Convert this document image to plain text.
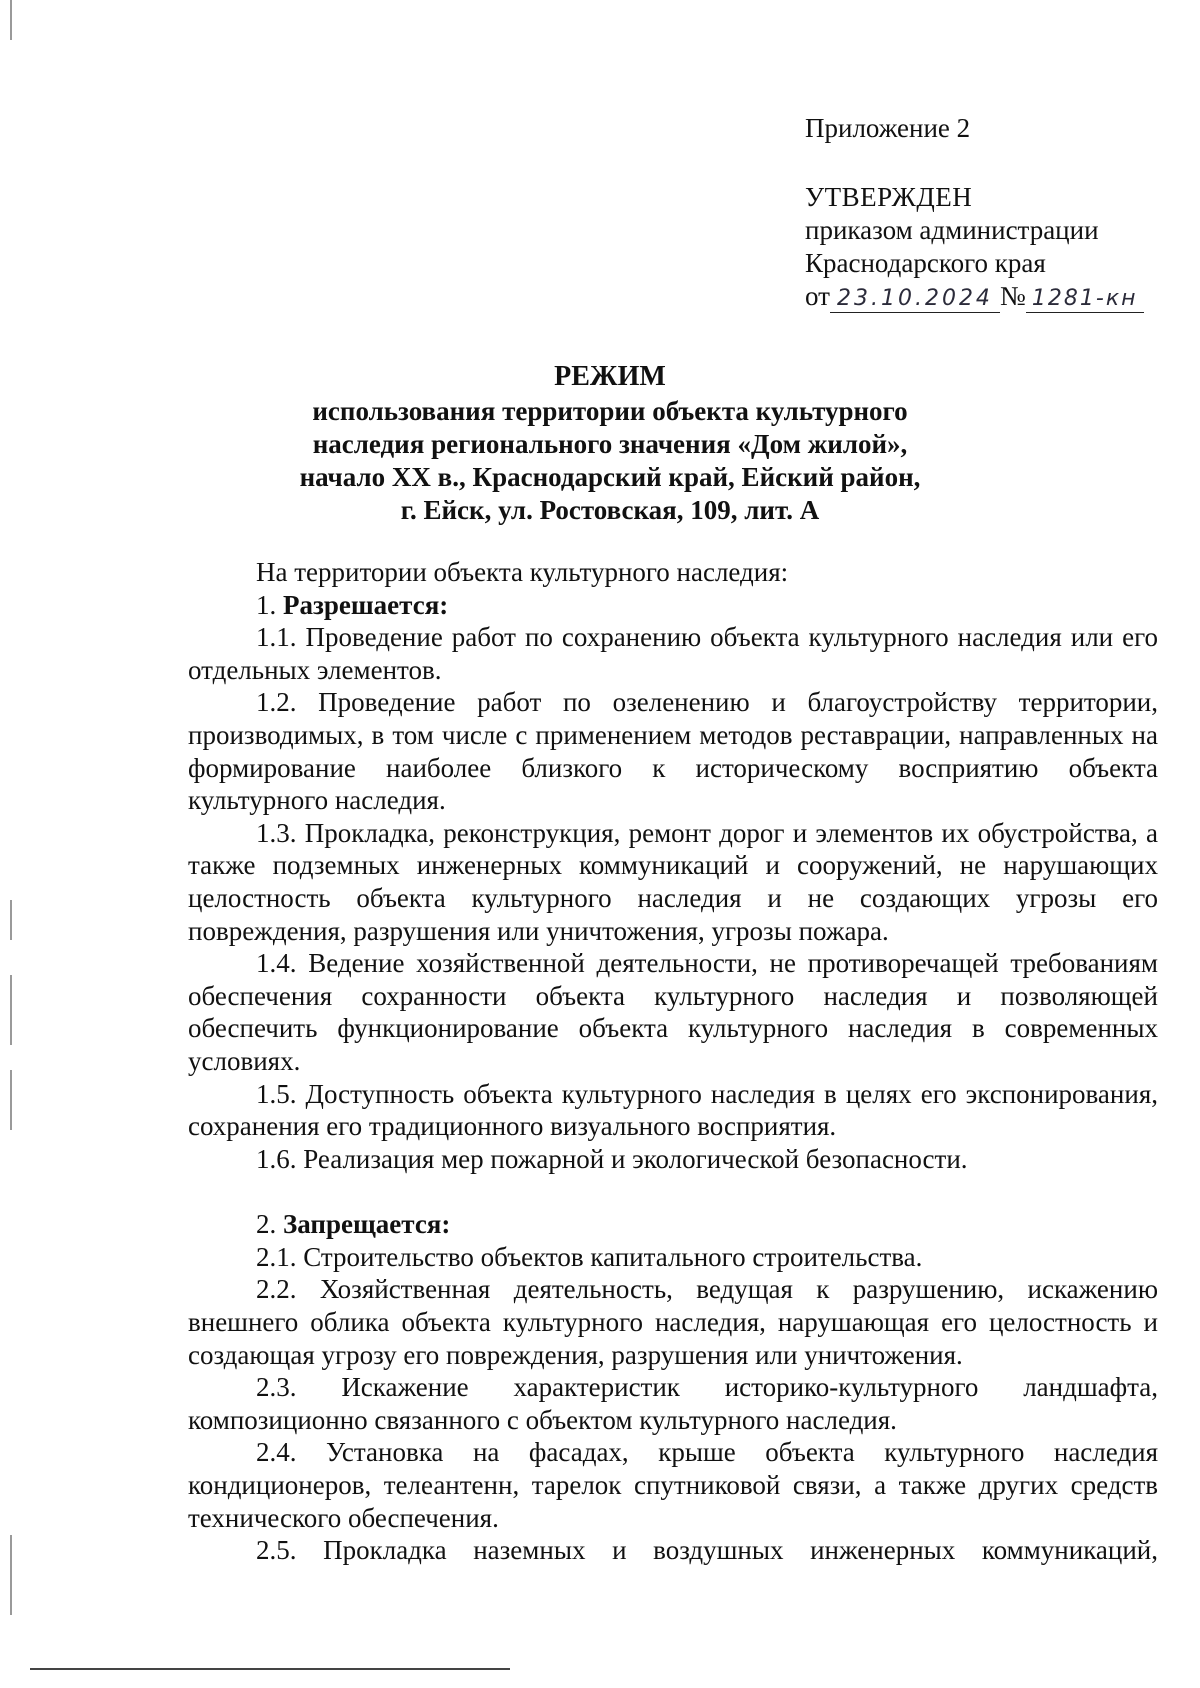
Приложение 2
УТВЕРЖДЕН
приказом администрации
Краснодарского края
от 23.10.2024 № 1281-кн
РЕЖИМ
использования территории объекта культурного
наследия регионального значения «Дом жилой»,
начало XX в., Краснодарский край, Ейский район,
г. Ейск, ул. Ростовская, 109, лит. А

На территории объекта культурного наследия:

1. Разрешается:

1.1. Проведение работ по сохранению объекта культурного наследия или его отдельных элементов.

1.2. Проведение работ по озеленению и благоустройству территории, производимых, в том числе с применением методов реставрации, направленных на формирование наиболее близкого к историческому восприятию объекта культурного наследия.

1.3. Прокладка, реконструкция, ремонт дорог и элементов их обустройства, а также подземных инженерных коммуникаций и сооружений, не нарушающих целостность объекта культурного наследия и не создающих угрозы его повреждения, разрушения или уничтожения, угрозы пожара.

1.4. Ведение хозяйственной деятельности, не противоречащей требованиям обеспечения сохранности объекта культурного наследия и позволяющей обеспечить функционирование объекта культурного наследия в современных условиях.

1.5. Доступность объекта культурного наследия в целях его экспонирования, сохранения его традиционного визуального восприятия.

1.6. Реализация мер пожарной и экологической безопасности.

2. Запрещается:

2.1. Строительство объектов капитального строительства.

2.2. Хозяйственная деятельность, ведущая к разрушению, искажению внешнего облика объекта культурного наследия, нарушающая его целостность и создающая угрозу его повреждения, разрушения или уничтожения.

2.3. Искажение характеристик историко-культурного ландшафта, композиционно связанного с объектом культурного наследия.

2.4. Установка на фасадах, крыше объекта культурного наследия кондиционеров, телеантенн, тарелок спутниковой связи, а также других средств технического обеспечения.

2.5. Прокладка наземных и воздушных инженерных коммуникаций,
